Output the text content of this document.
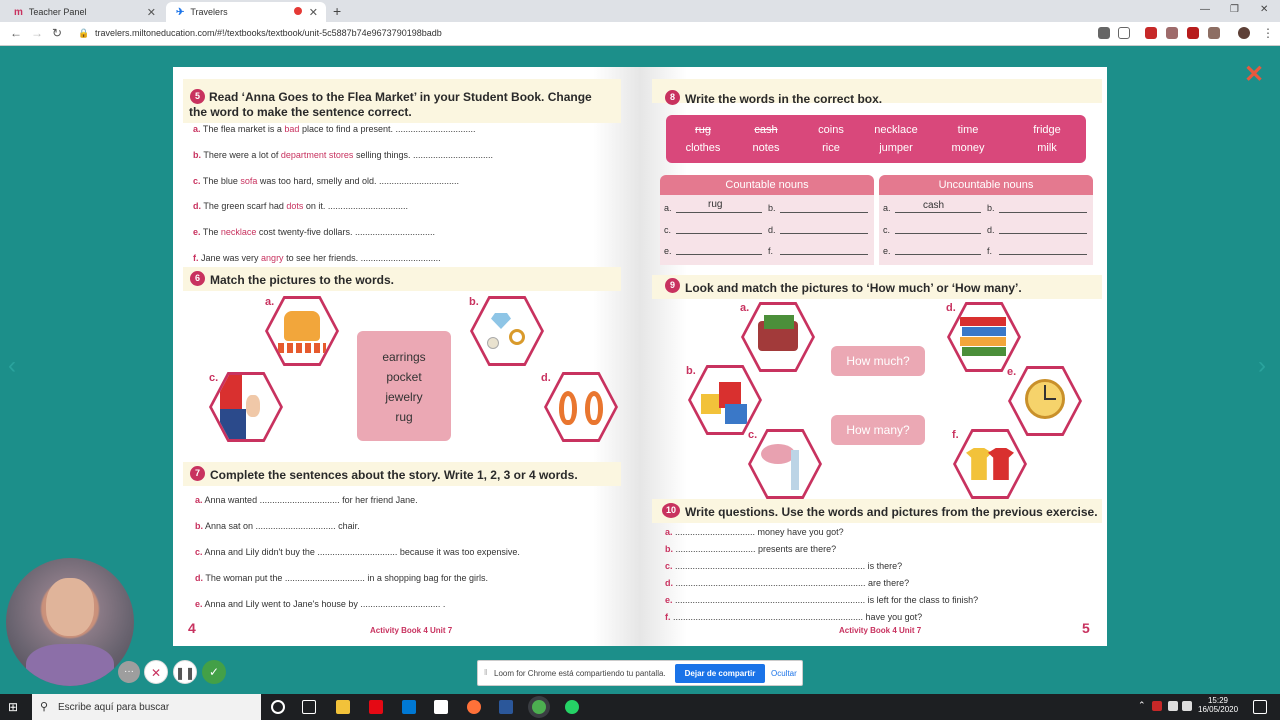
m Teacher Panel	✕ ✈ Travelers	✕ +	— ❐ ✕
← → ↻ 🔒 travelers.miltoneducation.com/#!/textbooks/textbook/unit-5c5887b74e9673790198badb	⋮
✕
‹	›
5 Read ‘Anna Goes to the Flea Market’ in your Student Book. Change the word to make the sentence correct.
a. The flea market is a bad place to find a present. ................................
b. There were a lot of department stores selling things. ................................
c. The blue sofa was too hard, smelly and old. ................................
d. The green scarf had dots on it. ................................
e. The necklace cost twenty-five dollars. ................................
f. Jane was very angry to see her friends. ................................
6 Match the pictures to the words.
a.	b.
c.	d.
earrings
pocket
jewelry
rug
7 Complete the sentences about the story. Write 1, 2, 3 or 4 words.
a. Anna wanted ................................ for her friend Jane.
b. Anna sat on ................................ chair.
c. Anna and Lily didn't buy the ................................ because it was too expensive.
d. The woman put the ................................ in a shopping bag for the girls.
e. Anna and Lily went to Jane's house by ................................ .
4	Activity Book 4 Unit 7
8 Write the words in the correct box.
rug	cash	coins	necklace	time	fridge
clothes	notes	rice	jumper	money	milk
Countable nouns
a.	rug	b.
c.	d.
e.	f.
Uncountable nouns
a.	cash	b.
c.	d.
e.	f.
9 Look and match the pictures to ‘How much’ or ‘How many’.
a.
b.
c.
d.
e.
f.
How much?
How many?
10 Write questions. Use the words and pictures from the previous exercise.
a. ................................ money have you got?
b. ................................ presents are there?
c. ............................................................................ is there?
d. ............................................................................ are there?
e. ............................................................................ is left for the class to finish?
f. ............................................................................ have you got?
Activity Book 4 Unit 7	5
···	✕	❚❚	✓	‖ Loom for Chrome está compartiendo tu pantalla.	Dejar de compartir	Ocultar
⊞ ⚲ Escribe aquí para buscar	⌃	15:29
16/05/2020
